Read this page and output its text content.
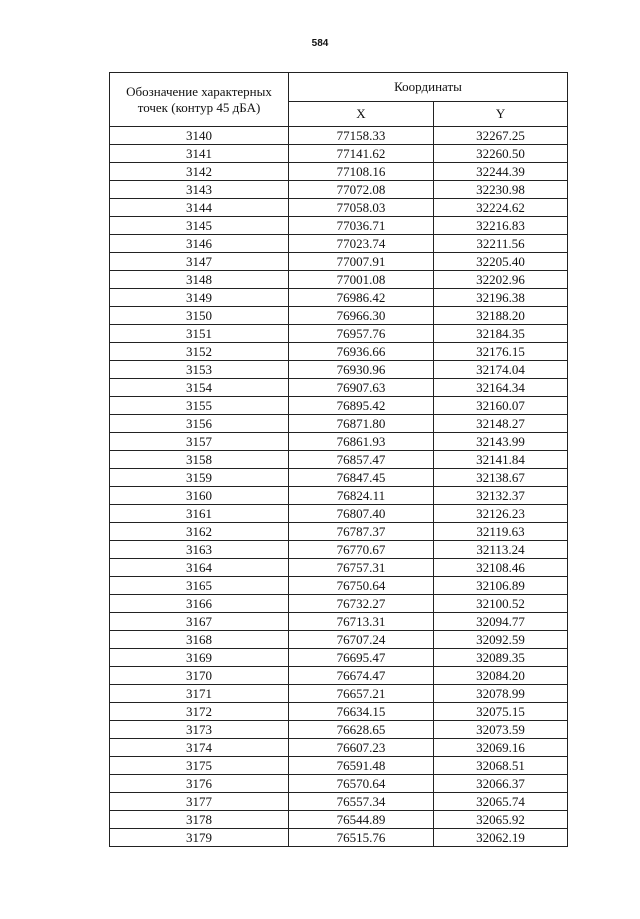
584
Обозначение характерных точек (контур 45 дБА)	Координаты	
	X	Y
3140	77158.33	32267.25
3141	77141.62	32260.50
3142	77108.16	32244.39
3143	77072.08	32230.98
3144	77058.03	32224.62
3145	77036.71	32216.83
3146	77023.74	32211.56
3147	77007.91	32205.40
3148	77001.08	32202.96
3149	76986.42	32196.38
3150	76966.30	32188.20
3151	76957.76	32184.35
3152	76936.66	32176.15
3153	76930.96	32174.04
3154	76907.63	32164.34
3155	76895.42	32160.07
3156	76871.80	32148.27
3157	76861.93	32143.99
3158	76857.47	32141.84
3159	76847.45	32138.67
3160	76824.11	32132.37
3161	76807.40	32126.23
3162	76787.37	32119.63
3163	76770.67	32113.24
3164	76757.31	32108.46
3165	76750.64	32106.89
3166	76732.27	32100.52
3167	76713.31	32094.77
3168	76707.24	32092.59
3169	76695.47	32089.35
3170	76674.47	32084.20
3171	76657.21	32078.99
3172	76634.15	32075.15
3173	76628.65	32073.59
3174	76607.23	32069.16
3175	76591.48	32068.51
3176	76570.64	32066.37
3177	76557.34	32065.74
3178	76544.89	32065.92
3179	76515.76	32062.19
